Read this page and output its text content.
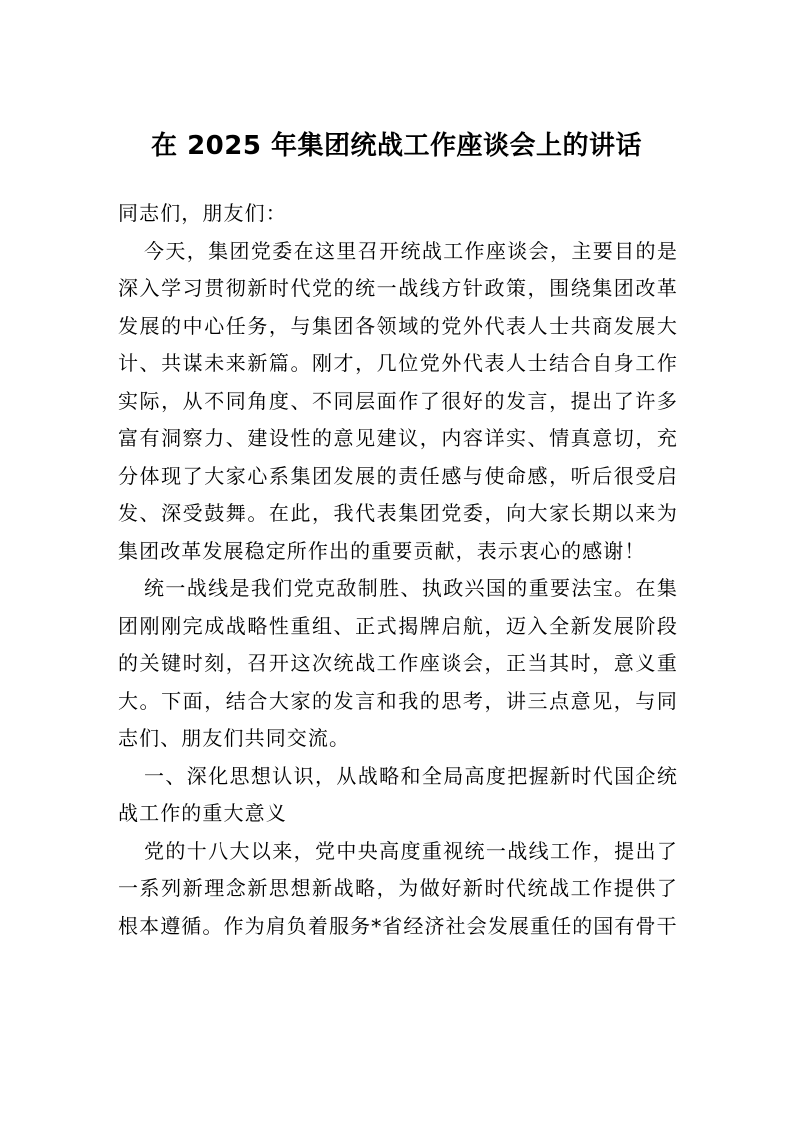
在 2025 年集团统战工作座谈会上的讲话

同志们，朋友们：

今天，集团党委在这里召开统战工作座谈会，主要目的是深入学习贯彻新时代党的统一战线方针政策，围绕集团改革发展的中心任务，与集团各领域的党外代表人士共商发展大计、共谋未来新篇。刚才，几位党外代表人士结合自身工作实际，从不同角度、不同层面作了很好的发言，提出了许多富有洞察力、建设性的意见建议，内容详实、情真意切，充分体现了大家心系集团发展的责任感与使命感，听后很受启发、深受鼓舞。在此，我代表集团党委，向大家长期以来为集团改革发展稳定所作出的重要贡献，表示衷心的感谢！

统一战线是我们党克敌制胜、执政兴国的重要法宝。在集团刚刚完成战略性重组、正式揭牌启航，迈入全新发展阶段的关键时刻，召开这次统战工作座谈会，正当其时，意义重大。下面，结合大家的发言和我的思考，讲三点意见，与同志们、朋友们共同交流。

一、深化思想认识，从战略和全局高度把握新时代国企统战工作的重大意义

党的十八大以来，党中央高度重视统一战线工作，提出了一系列新理念新思想新战略，为做好新时代统战工作提供了根本遵循。作为肩负着服务*省经济社会发展重任的国有骨干
